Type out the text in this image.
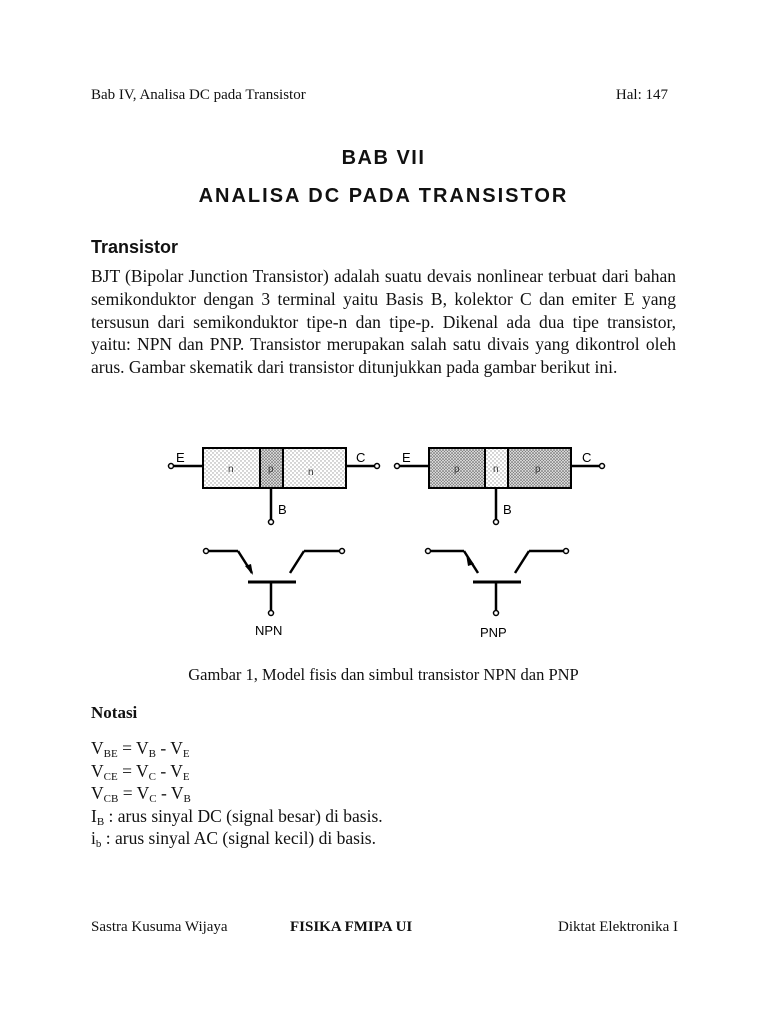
Bab IV, Analisa DC pada Transistor	Hal: 147
BAB VII
ANALISA DC PADA TRANSISTOR
Transistor
BJT (Bipolar Junction Transistor) adalah suatu devais nonlinear terbuat dari bahan semikonduktor dengan 3 terminal yaitu Basis B, kolektor C dan emiter E yang tersusun dari semikonduktor tipe-n dan tipe-p. Dikenal ada dua tipe transistor, yaitu: NPN dan PNP. Transistor merupakan salah satu divais yang dikontrol oleh arus. Gambar skematik dari transistor ditunjukkan pada gambar berikut ini.
E	C
B
n	p	n
E	C
B
p	n	p
NPN	PNP
Gambar 1, Model fisis dan simbul transistor NPN dan PNP
Notasi
$V_{BE} = V_B - V_E$
$V_{CE} = V_C - V_E$
$V_{CB} = V_C - V_B$
$I_B$ : arus sinyal DC (signal besar) di basis.
$i_b$ : arus sinyal AC (signal kecil) di basis.
Sastra Kusuma Wijaya	FISIKA FMIPA UI	Diktat Elektronika I
